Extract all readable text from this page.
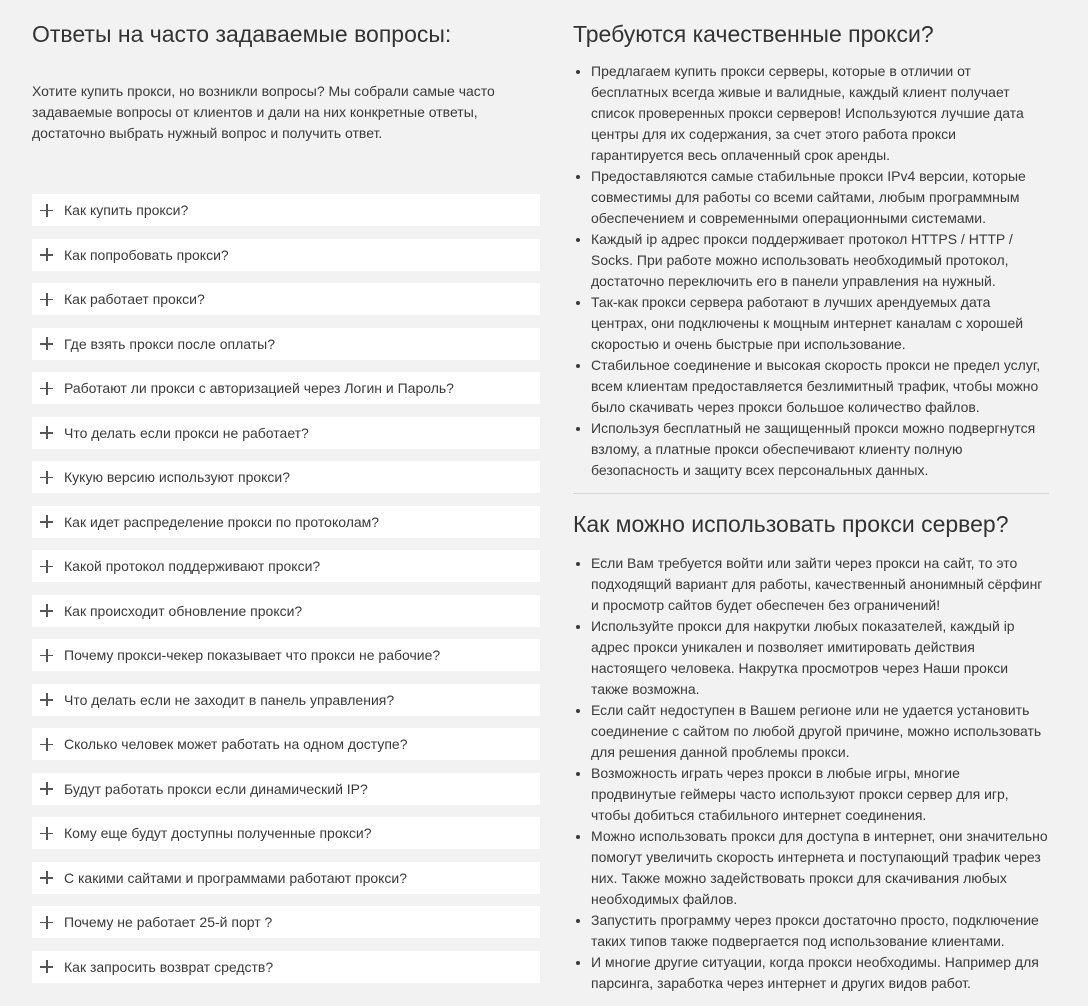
Ответы на часто задаваемые вопросы:

Хотите купить прокси, но возникли вопросы? Мы собрали самые часто задаваемые вопросы от клиентов и дали на них конкретные ответы, достаточно выбрать нужный вопрос и получить ответ.

Как купить прокси?
Как попробовать прокси?
Как работает прокси?
Где взять прокси после оплаты?
Работают ли прокси с авторизацией через Логин и Пароль?
Что делать если прокси не работает?
Кукую версию используют прокси?
Как идет распределение прокси по протоколам?
Какой протокол поддерживают прокси?
Как происходит обновление прокси?
Почему прокси-чекер показывает что прокси не рабочие?
Что делать если не заходит в панель управления?
Сколько человек может работать на одном доступе?
Будут работать прокси если динамический IP?
Кому еще будут доступны полученные прокси?
С какими сайтами и программами работают прокси?
Почему не работает 25-й порт ?
Как запросить возврат средств?
Требуются качественные прокси?
• Предлагаем купить прокси серверы, которые в отличии от бесплатных всегда живые и валидные, каждый клиент получает список проверенных прокси серверов! Используются лучшие дата центры для их содержания, за счет этого работа прокси гарантируется весь оплаченный срок аренды.
• Предоставляются самые стабильные прокси IPv4 версии, которые совместимы для работы со всеми сайтами, любым программным обеспечением и современными операционными системами.
• Каждый ip адрес прокси поддерживает протокол HTTPS / HTTP / Socks. При работе можно использовать необходимый протокол, достаточно переключить его в панели управления на нужный.
• Так-как прокси сервера работают в лучших арендуемых дата центрах, они подключены к мощным интернет каналам с хорошей скоростью и очень быстрые при использование.
• Стабильное соединение и высокая скорость прокси не предел услуг, всем клиентам предоставляется безлимитный трафик, чтобы можно было скачивать через прокси большое количество файлов.
• Используя бесплатный не защищенный прокси можно подвергнутся взлому, а платные прокси обеспечивают клиенту полную безопасность и защиту всех персональных данных.
Как можно использовать прокси сервер?
• Если Вам требуется войти или зайти через прокси на сайт, то это подходящий вариант для работы, качественный анонимный сёрфинг и просмотр сайтов будет обеспечен без ограничений!
• Используйте прокси для накрутки любых показателей, каждый ip адрес прокси уникален и позволяет имитировать действия настоящего человека. Накрутка просмотров через Наши прокси также возможна.
• Если сайт недоступен в Вашем регионе или не удается установить соединение с сайтом по любой другой причине, можно использовать для решения данной проблемы прокси.
• Возможность играть через прокси в любые игры, многие продвинутые геймеры часто используют прокси сервер для игр, чтобы добиться стабильного интернет соединения.
• Можно использовать прокси для доступа в интернет, они значительно помогут увеличить скорость интернета и поступающий трафик через них. Также можно задействовать прокси для скачивания любых необходимых файлов.
• Запустить программу через прокси достаточно просто, подключение таких типов также подвергается под использование клиентами.
• И многие другие ситуации, когда прокси необходимы. Например для парсинга, заработка через интернет и других видов работ.
